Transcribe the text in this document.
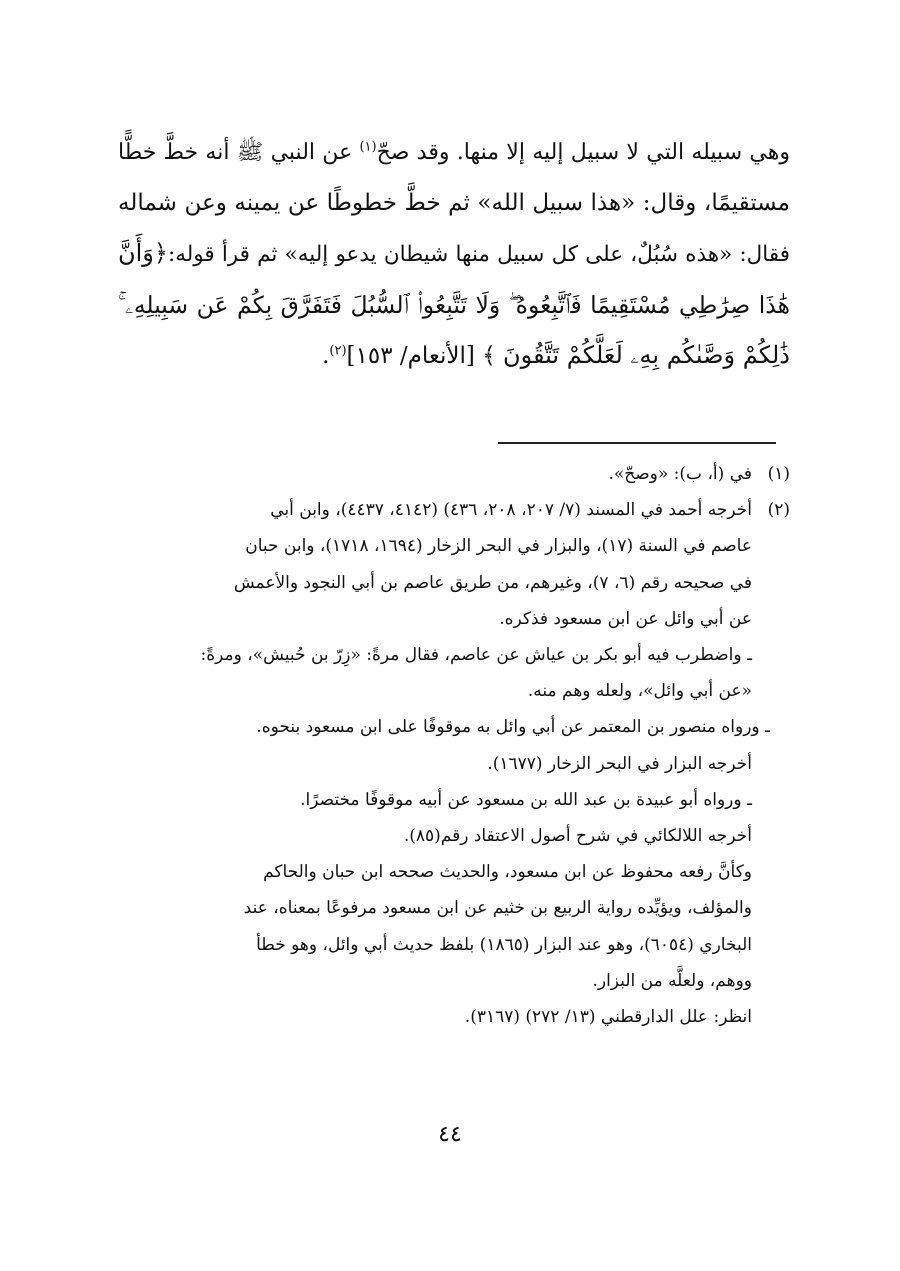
وهي سبيله التي لا سبيل إليه إلا منها. وقد صحّ$^{(١)}$ عن النبي ﷺ أنه خطَّ خطًّا
مستقيمًا، وقال: «هذا سبيل الله» ثم خطَّ خطوطًا عن يمينه وعن شماله
فقال: «هذه سُبُلٌ، على كل سبيل منها شيطان يدعو إليه» ثم قرأ قوله:﴿وَأَنَّ
هَٰذَا صِرَٰطِي مُسْتَقِيمًا فَٱتَّبِعُوهُ ۖ وَلَا تَتَّبِعُوا۟ ٱلسُّبُلَ فَتَفَرَّقَ بِكُمْ عَن سَبِيلِهِۦ ۚ
ذَٰلِكُمْ وَصَّىٰكُم بِهِۦ لَعَلَّكُمْ تَتَّقُونَ ﴾ [الأنعام/ ١٥٣]$^{(٢)}$.
(١)في (أ، ب): «وصحّ».
(٢)أخرجه أحمد في المسند (٧/ ٢٠٧، ٢٠٨، ٤٣٦) (٤١٤٢، ٤٤٣٧)، وابن أبي
عاصم في السنة (١٧)، والبزار في البحر الزخار (١٦٩٤، ١٧١٨)، وابن حبان
في صحيحه رقم (٦، ٧)، وغيرهم، من طريق عاصم بن أبي النجود والأعمش
عن أبي وائل عن ابن مسعود فذكره.
ـ واضطرب فيه أبو بكر بن عياش عن عاصم، فقال مرةً: «زِرّ بن حُبيش»، ومرةً:
«عن أبي وائل»، ولعله وهم منه.
ـ ورواه منصور بن المعتمر عن أبي وائل به موقوفًا على ابن مسعود بنحوه.
أخرجه البزار في البحر الزخار (١٦٧٧).
ـ ورواه أبو عبيدة بن عبد الله بن مسعود عن أبيه موقوفًا مختصرًا.
أخرجه اللالكائي في شرح أصول الاعتقاد رقم(٨٥).
وكأنَّ رفعه محفوظ عن ابن مسعود، والحديث صححه ابن حبان والحاكم
والمؤلف، ويؤيِّده رواية الربيع بن خثيم عن ابن مسعود مرفوعًا بمعناه، عند
البخاري (٦٠٥٤)، وهو عند البزار (١٨٦٥) بلفظ حديث أبي وائل، وهو خطأ
ووهم، ولعلَّه من البزار.
انظر: علل الدارقطني (١٣/ ٢٧٢) (٣١٦٧).
٤٤
